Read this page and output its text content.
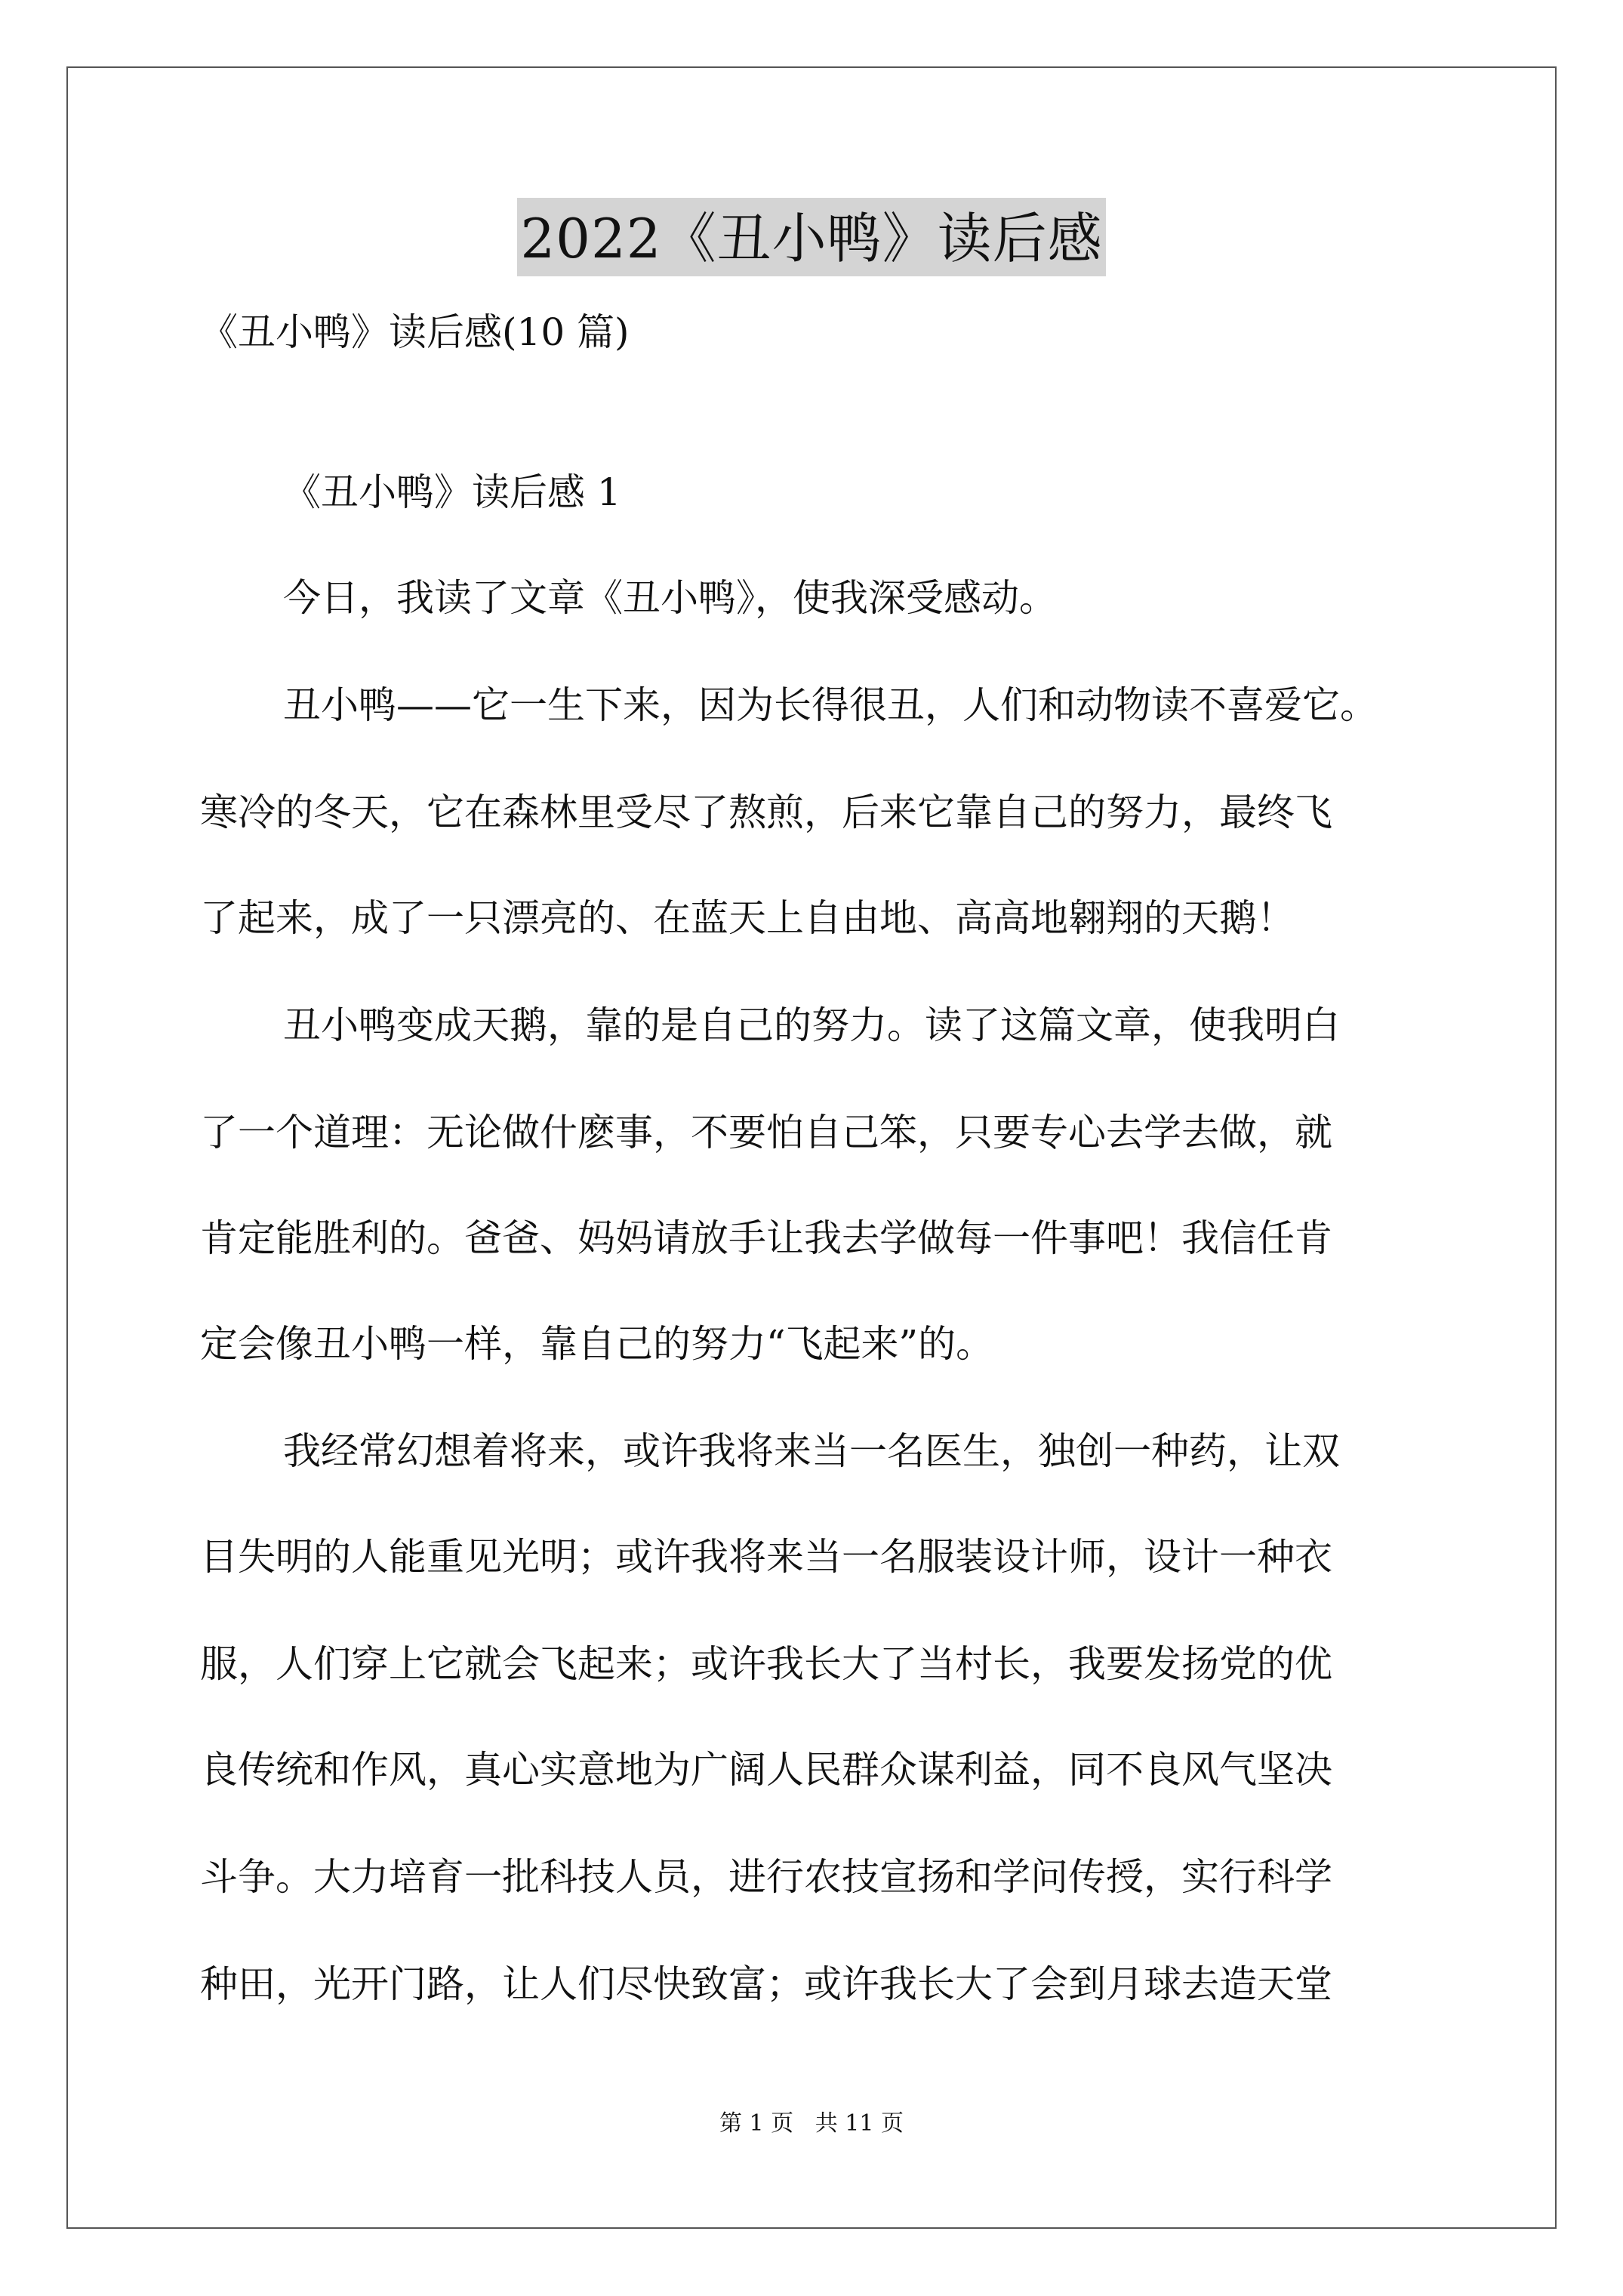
2022《丑小鸭》读后感
《丑小鸭》读后感(10 篇)
《丑小鸭》读后感 1
今日，我读了文章《丑小鸭》，使我深受感动。
丑小鸭——它一生下来，因为长得很丑，人们和动物读不喜爱它。
寒冷的冬天，它在森林里受尽了熬煎，后来它靠自己的努力，最终飞
了起来，成了一只漂亮的、在蓝天上自由地、高高地翱翔的天鹅！
丑小鸭变成天鹅，靠的是自己的努力。读了这篇文章，使我明白
了一个道理：无论做什麽事，不要怕自己笨，只要专心去学去做，就
肯定能胜利的。爸爸、妈妈请放手让我去学做每一件事吧！我信任肯
定会像丑小鸭一样，靠自己的努力“飞起来”的。
我经常幻想着将来，或许我将来当一名医生，独创一种药，让双
目失明的人能重见光明；或许我将来当一名服装设计师，设计一种衣
服，人们穿上它就会飞起来；或许我长大了当村长，我要发扬党的优
良传统和作风，真心实意地为广阔人民群众谋利益，同不良风气坚决
斗争。大力培育一批科技人员，进行农技宣扬和学问传授，实行科学
种田，光开门路，让人们尽快致富；或许我长大了会到月球去造天堂
第 1 页   共 11 页
